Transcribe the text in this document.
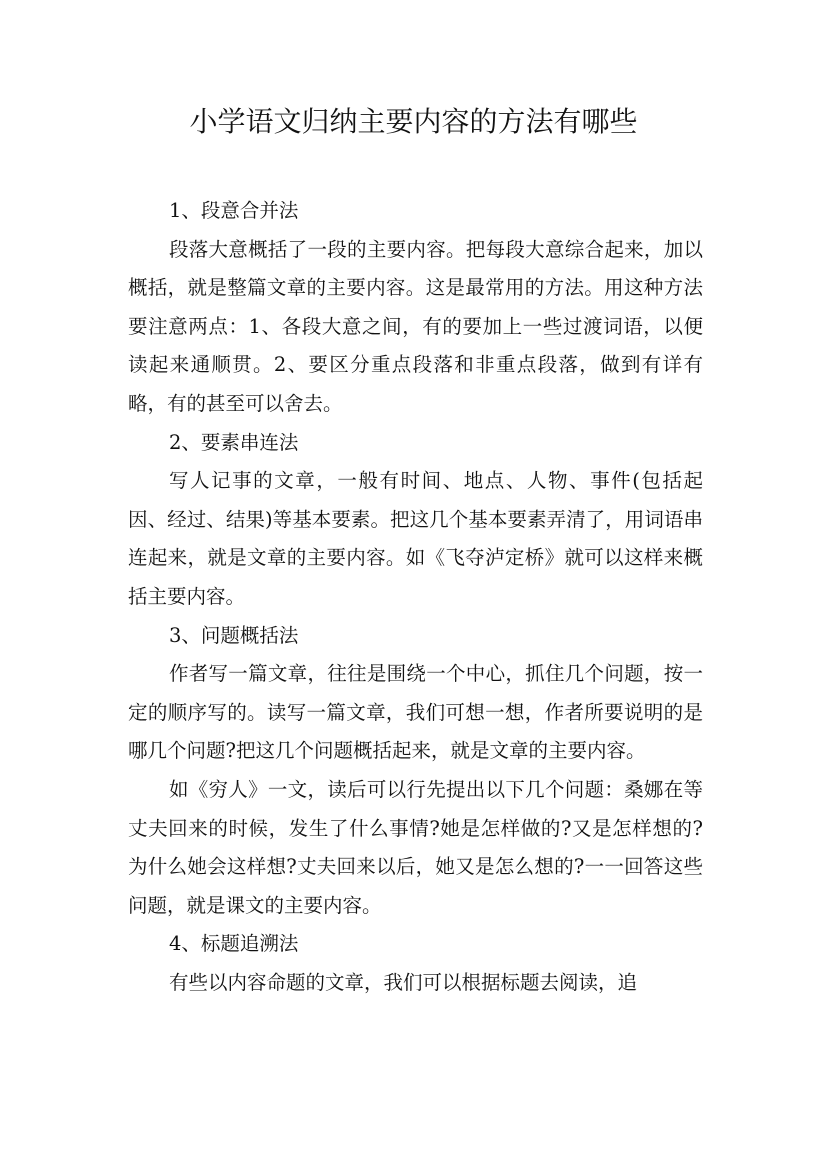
小学语文归纳主要内容的方法有哪些

1、段意合并法

段落大意概括了一段的主要内容。把每段大意综合起来，加以概括，就是整篇文章的主要内容。这是最常用的方法。用这种方法要注意两点：1、各段大意之间，有的要加上一些过渡词语，以便读起来通顺贯。2、要区分重点段落和非重点段落，做到有详有略，有的甚至可以舍去。

2、要素串连法

写人记事的文章，一般有时间、地点、人物、事件(包括起因、经过、结果)等基本要素。把这几个基本要素弄清了，用词语串连起来，就是文章的主要内容。如《飞夺泸定桥》就可以这样来概括主要内容。

3、问题概括法

作者写一篇文章，往往是围绕一个中心，抓住几个问题，按一定的顺序写的。读写一篇文章，我们可想一想，作者所要说明的是哪几个问题?把这几个问题概括起来，就是文章的主要内容。

如《穷人》一文，读后可以行先提出以下几个问题：桑娜在等丈夫回来的时候，发生了什么事情?她是怎样做的?又是怎样想的?为什么她会这样想?丈夫回来以后，她又是怎么想的?一一回答这些问题，就是课文的主要内容。

4、标题追溯法

有些以内容命题的文章，我们可以根据标题去阅读，追
